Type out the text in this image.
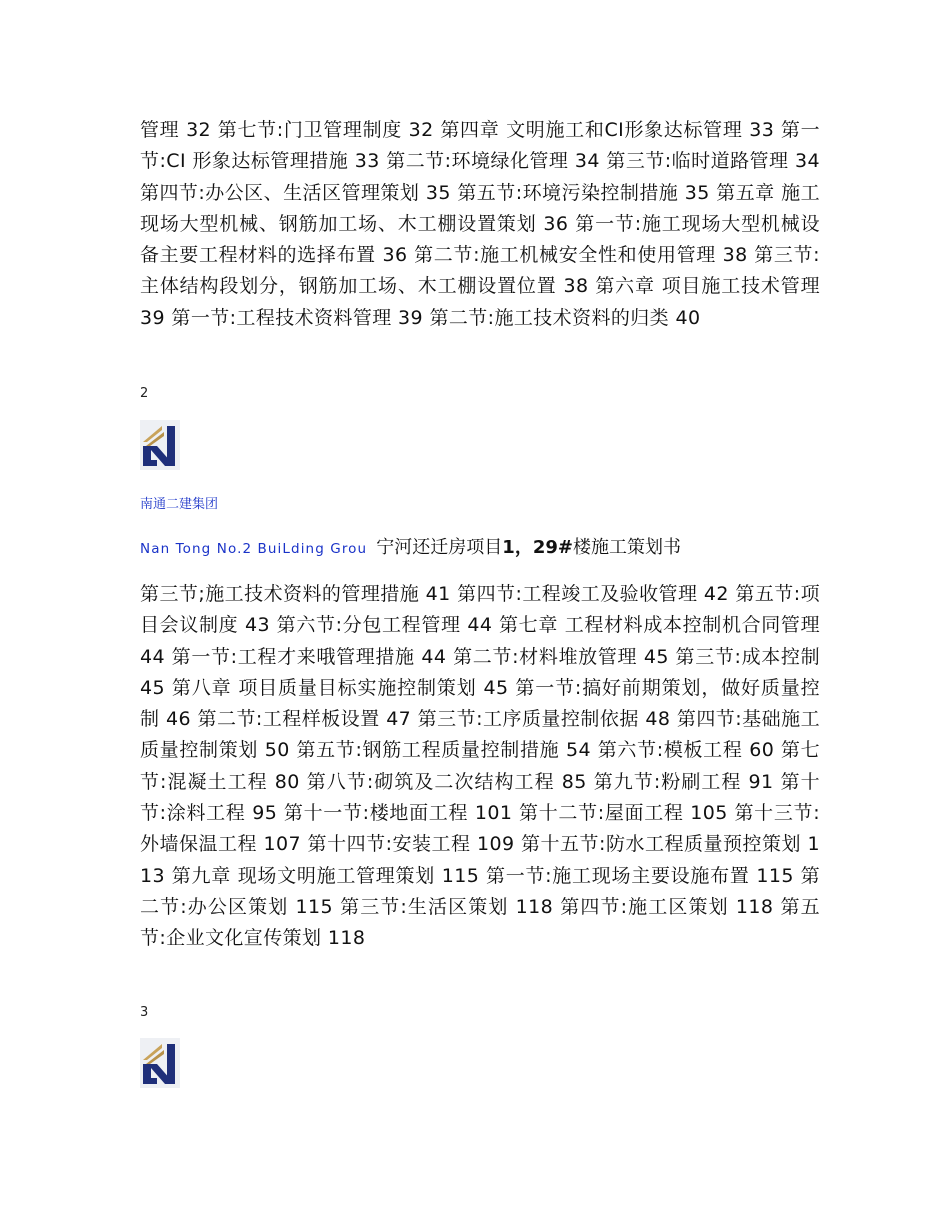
管理 32 第七节:门卫管理制度 32 第四章 文明施工和CI形象达标管理 33 第一节:CI 形象达标管理措施 33 第二节:环境绿化管理 34 第三节:临时道路管理 34 第四节:办公区、生活区管理策划 35 第五节:环境污染控制措施 35 第五章 施工现场大型机械、钢筋加工场、木工棚设置策划 36 第一节:施工现场大型机械设备主要工程材料的选择布置 36 第二节:施工机械安全性和使用管理 38 第三节:主体结构段划分，钢筋加工场、木工棚设置位置 38 第六章 项目施工技术管理 39 第一节:工程技术资料管理 39 第二节:施工技术资料的归类 40
2
南通二建集团
Nan Tong No.2 BuiLding Grou 宁河还迁房项目1，29#楼施工策划书
第三节;施工技术资料的管理措施 41 第四节:工程竣工及验收管理 42 第五节:项目会议制度 43 第六节:分包工程管理 44 第七章 工程材料成本控制机合同管理 44 第一节:工程才来哦管理措施 44 第二节:材料堆放管理 45 第三节:成本控制 45 第八章 项目质量目标实施控制策划 45 第一节:搞好前期策划，做好质量控制 46 第二节:工程样板设置 47 第三节:工序质量控制依据 48 第四节:基础施工质量控制策划 50 第五节:钢筋工程质量控制措施 54 第六节:模板工程 60 第七节:混凝土工程 80 第八节:砌筑及二次结构工程 85 第九节:粉刷工程 91 第十节:涂料工程 95 第十一节:楼地面工程 101 第十二节:屋面工程 105 第十三节:外墙保温工程 107 第十四节:安装工程 109 第十五节:防水工程质量预控策划 113 第九章 现场文明施工管理策划 115 第一节:施工现场主要设施布置 115 第二节:办公区策划 115 第三节:生活区策划 118 第四节:施工区策划 118 第五节:企业文化宣传策划 118
3
